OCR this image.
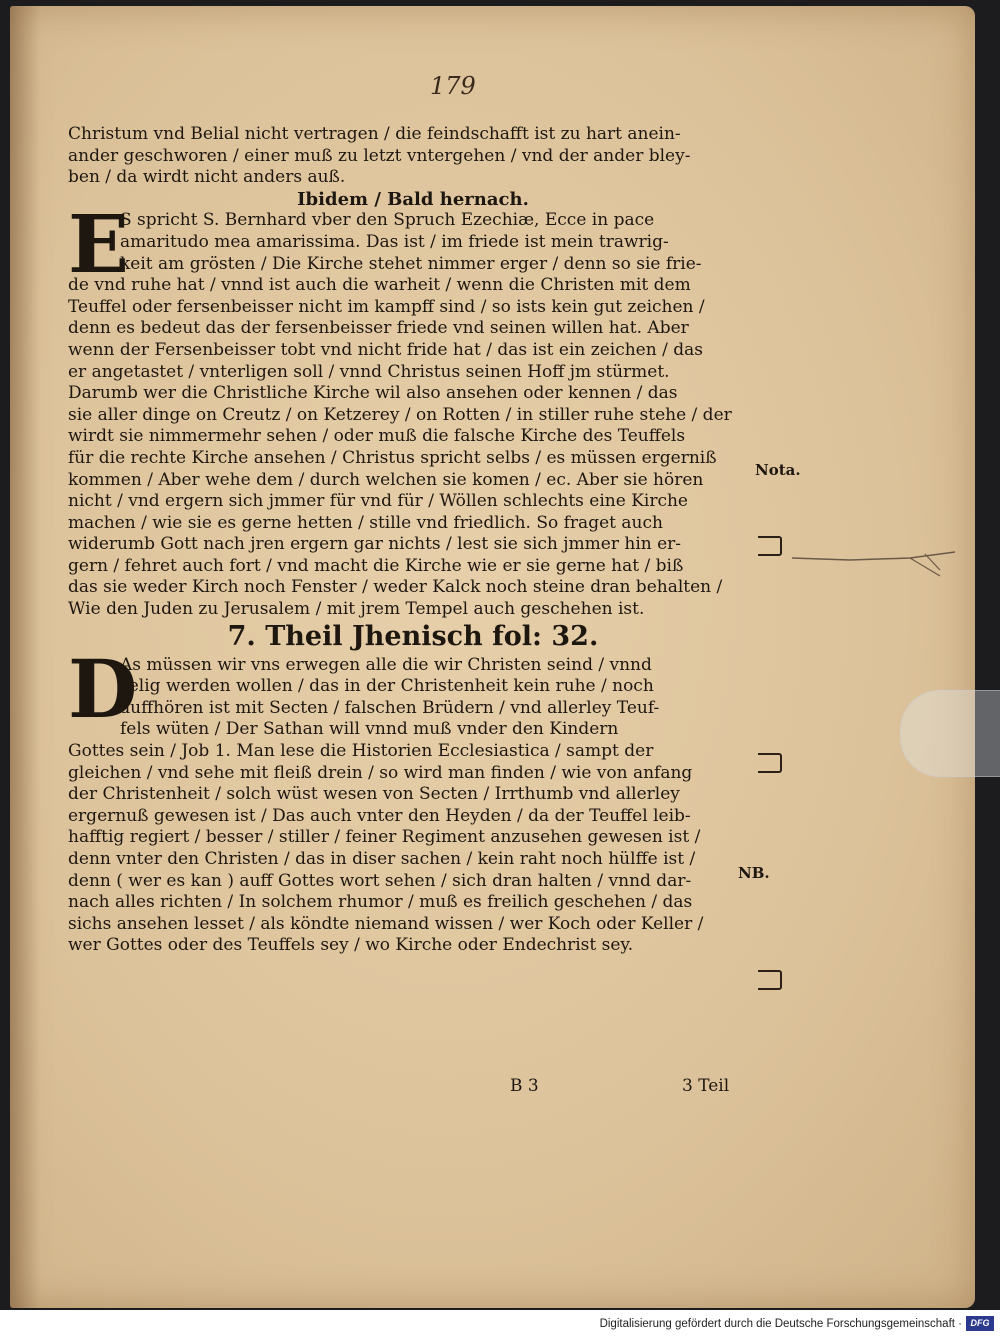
179
Christum vnd Belial nicht vertragen / die feindschafft ist zu hart anein-
ander geschworen / einer muß zu letzt vntergehen / vnd der ander bley-
ben / da wirdt nicht anders auß.
Ibidem / Bald hernach.
E
S spricht S. Bernhard vber den Spruch Ezechiæ, Ecce in pace
amaritudo mea amarissima. Das ist / im friede ist mein trawrig-
keit am grösten / Die Kirche stehet nimmer erger / denn so sie frie-
de vnd ruhe hat / vnnd ist auch die warheit / wenn die Christen mit dem
Teuffel oder fersenbeisser nicht im kampff sind / so ists kein gut zeichen /
denn es bedeut das der fersenbeisser friede vnd seinen willen hat. Aber
wenn der Fersenbeisser tobt vnd nicht fride hat / das ist ein zeichen / das
er angetastet / vnterligen soll / vnnd Christus seinen Hoff jm stürmet.
Darumb wer die Christliche Kirche wil also ansehen oder kennen / das
sie aller dinge on Creutz / on Ketzerey / on Rotten / in stiller ruhe stehe / der
wirdt sie nimmermehr sehen / oder muß die falsche Kirche des Teuffels
für die rechte Kirche ansehen / Christus spricht selbs / es müssen ergerniß
kommen / Aber wehe dem / durch welchen sie komen / ec. Aber sie hören
nicht / vnd ergern sich jmmer für vnd für / Wöllen schlechts eine Kirche
machen / wie sie es gerne hetten / stille vnd friedlich. So fraget auch
widerumb Gott nach jren ergern gar nichts / lest sie sich jmmer hin er-
gern / fehret auch fort / vnd macht die Kirche wie er sie gerne hat / biß
das sie weder Kirch noch Fenster / weder Kalck noch steine dran behalten /
Wie den Juden zu Jerusalem / mit jrem Tempel auch geschehen ist.
7. Theil Jhenisch fol: 32.
D
As müssen wir vns erwegen alle die wir Christen seind / vnnd
selig werden wollen / das in der Christenheit kein ruhe / noch
auffhören ist mit Secten / falschen Brüdern / vnd allerley Teuf-
fels wüten / Der Sathan will vnnd muß vnder den Kindern
Gottes sein / Job 1. Man lese die Historien Ecclesiastica / sampt der
gleichen / vnd sehe mit fleiß drein / so wird man finden / wie von anfang
der Christenheit / solch wüst wesen von Secten / Irrthumb vnd allerley
ergernuß gewesen ist / Das auch vnter den Heyden / da der Teuffel leib-
hafftig regiert / besser / stiller / feiner Regiment anzusehen gewesen ist /
denn vnter den Christen / das in diser sachen / kein raht noch hülffe ist /
denn ( wer es kan ) auff Gottes wort sehen / sich dran halten / vnnd dar-
nach alles richten / In solchem rhumor / muß es freilich geschehen / das
sichs ansehen lesset / als köndte niemand wissen / wer Koch oder Keller /
wer Gottes oder des Teuffels sey / wo Kirche oder Endechrist sey.
Nota.
NB.
B 3	3 Teil
Digitalisierung gefördert durch die Deutsche Forschungsgemeinschaft · DFG
